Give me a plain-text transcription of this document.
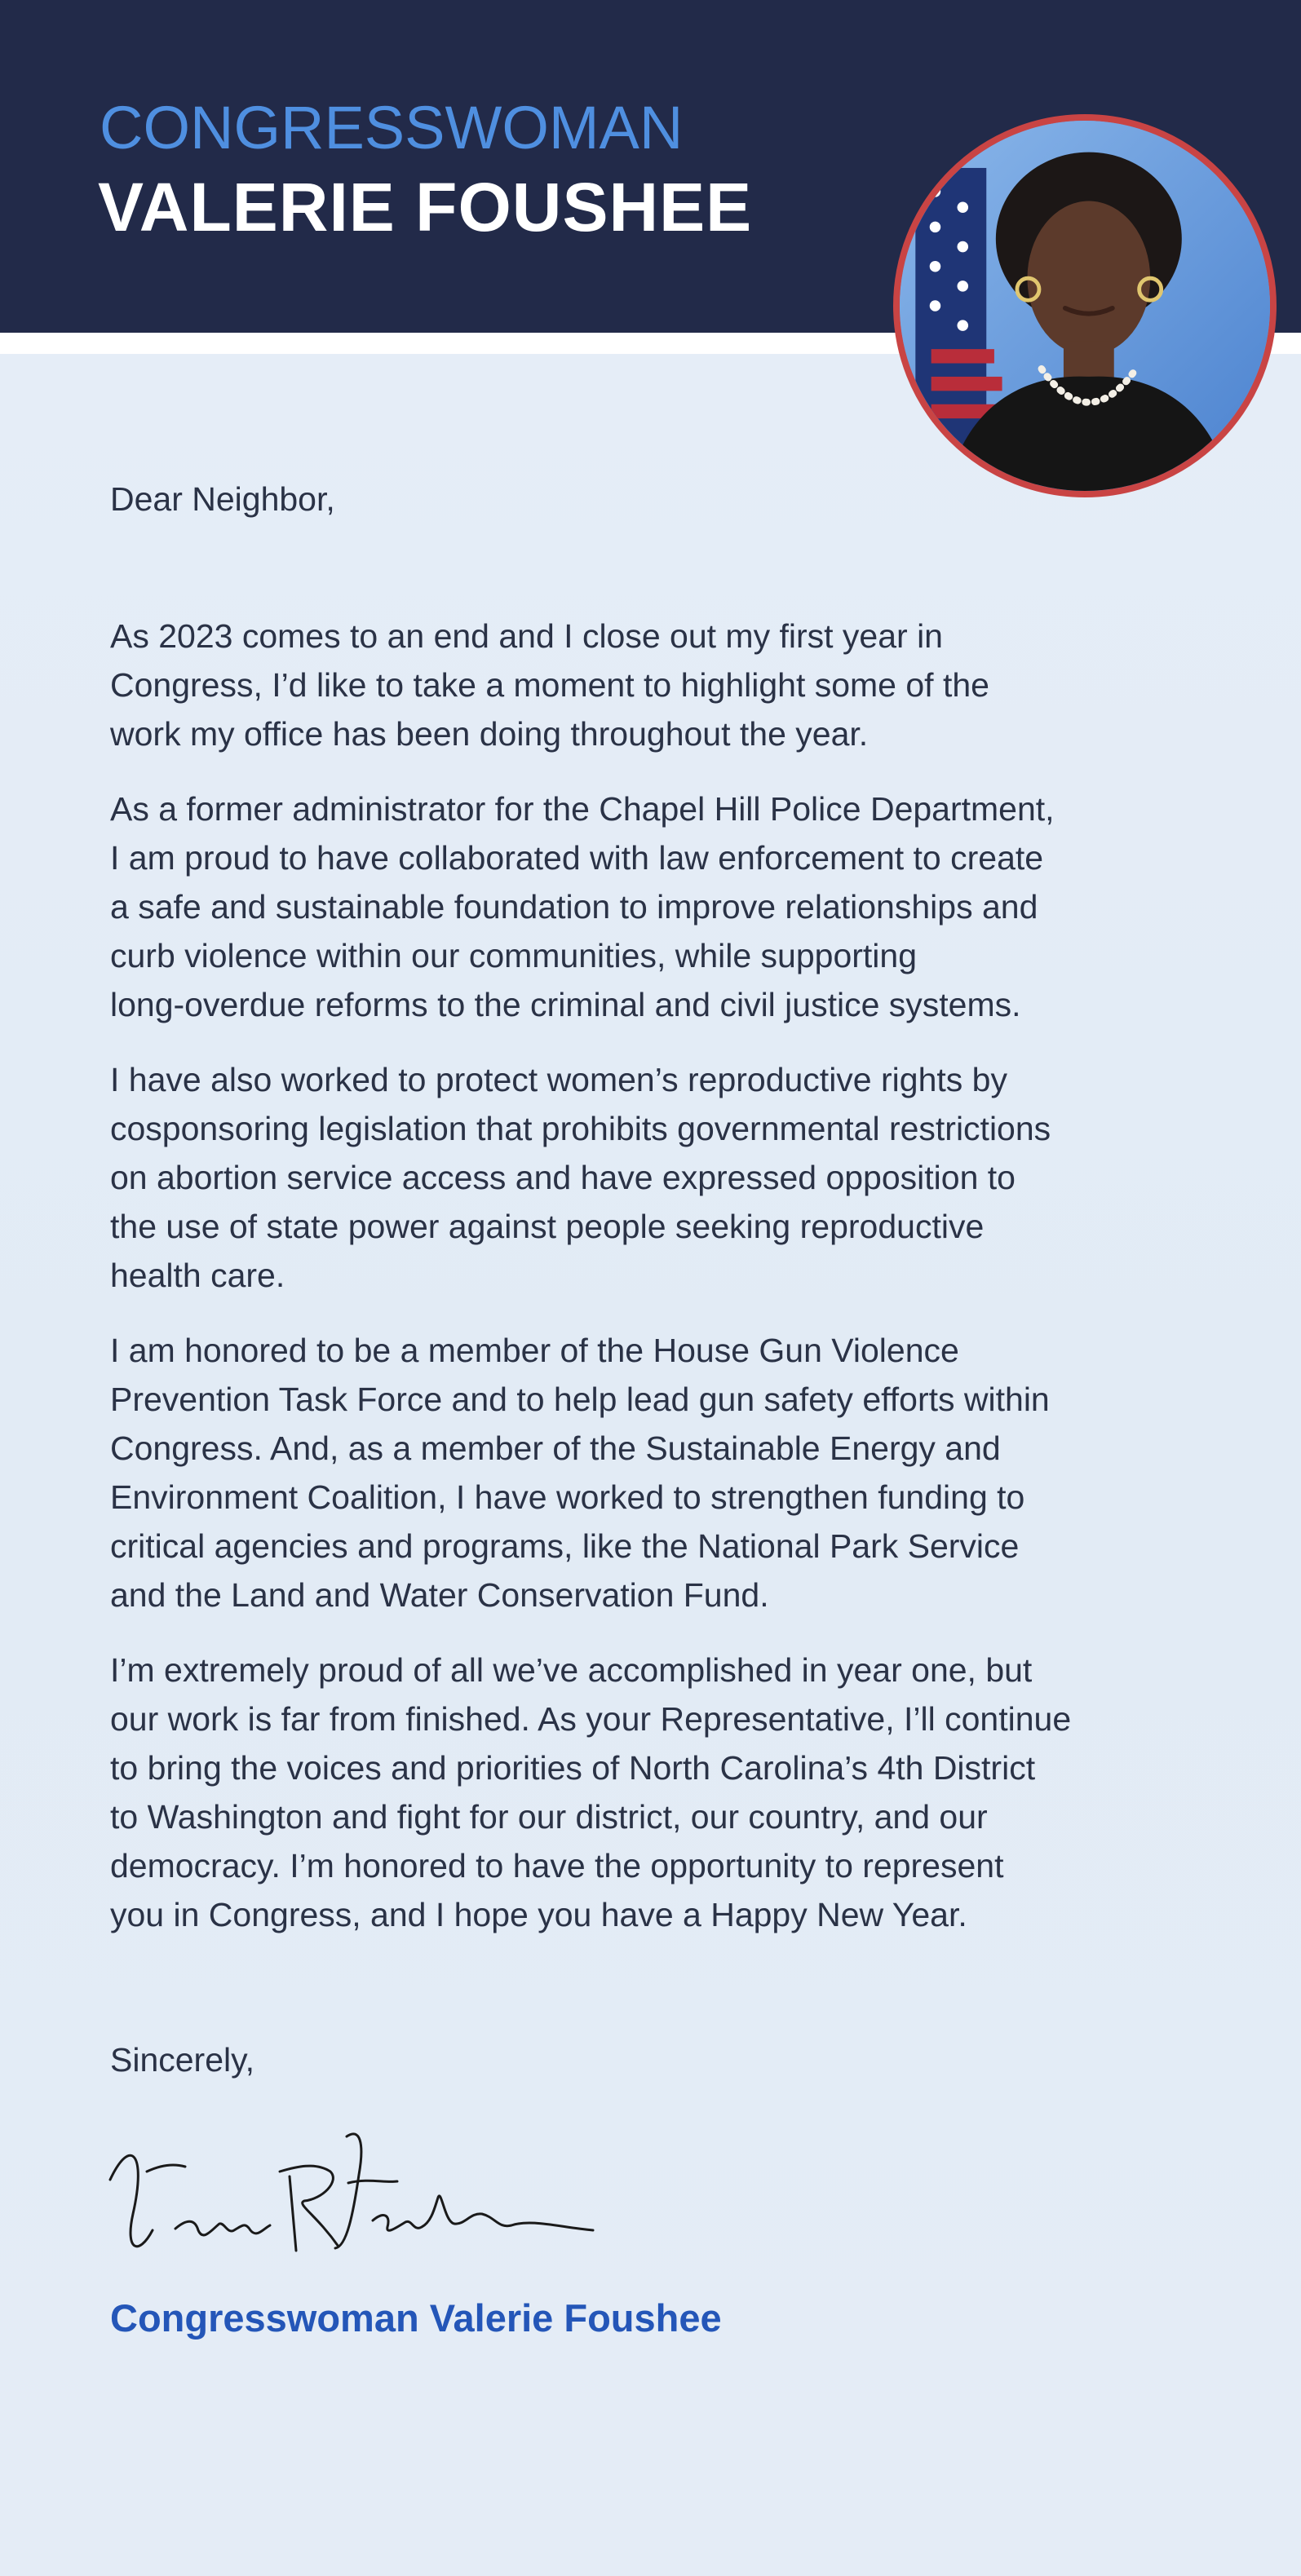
CONGRESSWOMAN
VALERIE FOUSHEE

Dear Neighbor,

As 2023 comes to an end and I close out my first year in
Congress, I’d like to take a moment to highlight some of the
work my office has been doing throughout the year.

As a former administrator for the Chapel Hill Police Department,
I am proud to have collaborated with law enforcement to create
a safe and sustainable foundation to improve relationships and
curb violence within our communities, while supporting
long-overdue reforms to the criminal and civil justice systems.

I have also worked to protect women’s reproductive rights by
cosponsoring legislation that prohibits governmental restrictions
on abortion service access and have expressed opposition to
the use of state power against people seeking reproductive
health care.

I am honored to be a member of the House Gun Violence
Prevention Task Force and to help lead gun safety efforts within
Congress. And, as a member of the Sustainable Energy and
Environment Coalition, I have worked to strengthen funding to
critical agencies and programs, like the National Park Service
and the Land and Water Conservation Fund.

I’m extremely proud of all we’ve accomplished in year one, but
our work is far from finished. As your Representative, I’ll continue
to bring the voices and priorities of North Carolina’s 4th District
to Washington and fight for our district, our country, and our
democracy. I’m honored to have the opportunity to represent
you in Congress, and I hope you have a Happy New Year.

Sincerely,

Congresswoman Valerie Foushee
